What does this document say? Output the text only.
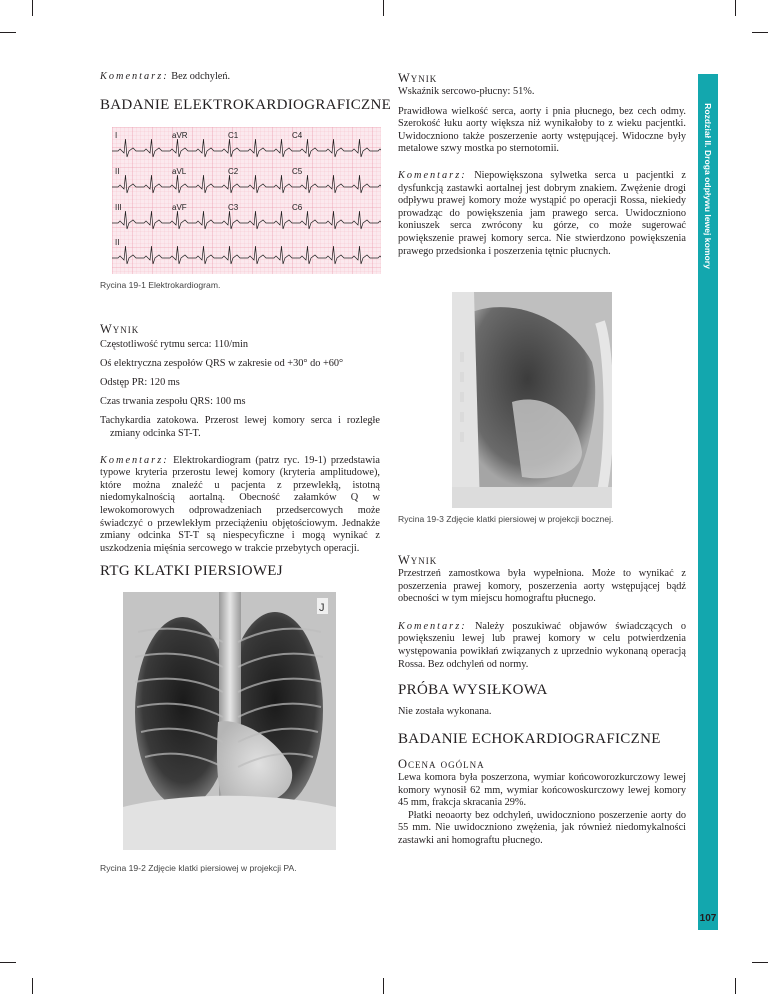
Rozdział II. Droga odpływu lewej komory
107
Komentarz: Bez odchyleń.
BADANIE ELEKTROKARDIOGRAFICZNE
I	aVR	C1	C4
II	aVL	C2	C5
III	aVF	C3	C6
II
Rycina 19-1 Elektrokardiogram.
Wynik

Częstotliwość rytmu serca: 110/min

Oś elektryczna zespołów QRS w zakresie od +30° do +60°

Odstęp PR: 120 ms

Czas trwania zespołu QRS: 100 ms

Tachykardia zatokowa. Przerost lewej komory serca i rozległe zmiany odcinka ST-T.

Komentarz: Elektrokardiogram (patrz ryc. 19-1) przedstawia typowe kryteria przerostu lewej komory (kryteria amplitudowe), które można znaleźć u pacjenta z przewlekłą, istotną niedomykalnością aortalną. Obecność załamków Q w lewokomorowych odprowadzeniach przedsercowych może świadczyć o przewlekłym przeciążeniu objętościowym. Jednakże zmiany odcinka ST-T są niespecyficzne i mogą wynikać z uszkodzenia mięśnia sercowego w trakcie przebytych operacji.

RTG KLATKI PIERSIOWEJ
J
Rycina 19-2 Zdjęcie klatki piersiowej w projekcji PA.
Wynik

Wskaźnik sercowo-płucny: 51%.

Prawidłowa wielkość serca, aorty i pnia płucnego, bez cech odmy. Szerokość łuku aorty większa niż wynikałoby to z wieku pacjentki. Uwidoczniono także poszerzenie aorty wstępującej. Widoczne były metalowe szwy mostka po sternotomii.

Komentarz: Niepowiększona sylwetka serca u pacjentki z dysfunkcją zastawki aortalnej jest dobrym znakiem. Zwężenie drogi odpływu prawej komory może wystąpić po operacji Rossa, niekiedy prowadząc do powiększenia jam prawego serca. Uwidoczniono koniuszek serca zwrócony ku górze, co może sugerować powiększenie prawej komory serca. Nie stwierdzono powiększenia prawego przedsionka i poszerzenia tętnic płucnych.

Rycina 19-3 Zdjęcie klatki piersiowej w projekcji bocznej.
Wynik

Przestrzeń zamostkowa była wypełniona. Może to wynikać z poszerzenia prawej komory, poszerzenia aorty wstępującej bądź obecności w tym miejscu homograftu płucnego.

Komentarz: Należy poszukiwać objawów świadczących o powiększeniu lewej lub prawej komory w celu potwierdzenia występowania powikłań związanych z uprzednio wykonaną operacją Rossa. Bez odchyleń od normy.

PRÓBA WYSIŁKOWA

Nie została wykonana.

BADANIE ECHOKARDIOGRAFICZNE
Ocena ogólna

Lewa komora była poszerzona, wymiar końcoworozkurczowy lewej komory wynosił 62 mm, wymiar końcowoskurczowy lewej komory 45 mm, frakcja skracania 29%.

Płatki neoaorty bez odchyleń, uwidoczniono poszerzenie aorty do 55 mm. Nie uwidoczniono zwężenia, jak również niedomykalności zastawki ani homograftu płucnego.
